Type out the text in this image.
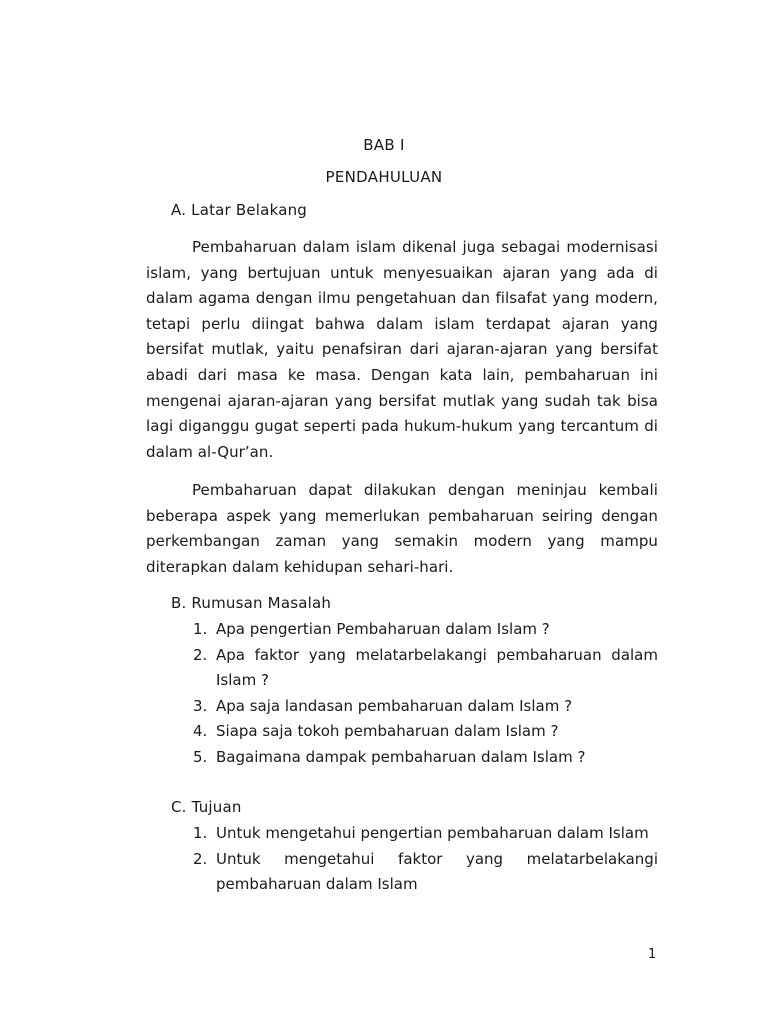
BAB I
PENDAHULUAN
A. Latar Belakang

Pembaharuan dalam islam dikenal juga sebagai modernisasi islam, yang bertujuan untuk menyesuaikan ajaran yang ada di dalam agama dengan ilmu pengetahuan dan filsafat yang modern, tetapi perlu diingat bahwa dalam islam terdapat ajaran yang bersifat mutlak, yaitu penafsiran dari ajaran-ajaran yang bersifat abadi dari masa ke masa. Dengan kata lain, pembaharuan ini mengenai ajaran-ajaran yang bersifat mutlak yang sudah tak bisa lagi diganggu gugat seperti pada hukum-hukum yang tercantum di dalam al-Qur’an.

Pembaharuan dapat dilakukan dengan meninjau kembali beberapa aspek yang memerlukan pembaharuan seiring dengan perkembangan zaman yang semakin modern yang mampu diterapkan dalam kehidupan sehari-hari.

B. Rumusan Masalah
1. Apa pengertian Pembaharuan dalam Islam ?
2. Apa faktor yang melatarbelakangi pembaharuan dalam Islam ?
3. Apa saja landasan pembaharuan dalam Islam ?
4. Siapa saja tokoh pembaharuan dalam Islam ?
5. Bagaimana dampak pembaharuan dalam Islam ?
C. Tujuan
1. Untuk mengetahui pengertian pembaharuan dalam Islam
2. Untuk mengetahui faktor yang melatarbelakangi pembaharuan dalam Islam
1
